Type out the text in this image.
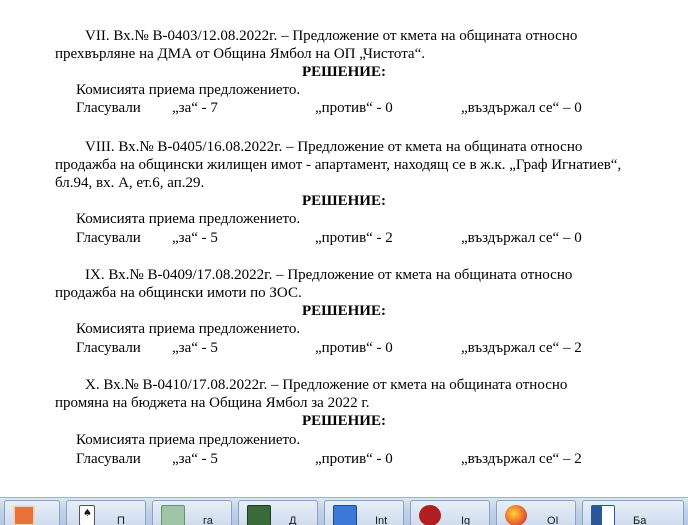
VII. Вх.№ В-0403/12.08.2022г. – Предложение от кмета на общината относно

прехвърляне на ДМА от Община Ямбол на ОП „Чистота“.

РЕШЕНИЕ:

Комисията приема предложението.

Гласували „за“ - 7	„против“ - 0	„въздържал се“ – 0

VIII. Вх.№ В-0405/16.08.2022г. – Предложение от кмета на общината относно

продажба на общински жилищен имот - апартамент, находящ се в ж.к. „Граф Игнатиев“,

бл.94, вх. А, ет.6, ап.29.

РЕШЕНИЕ:

Комисията приема предложението.

Гласували „за“ - 5	„против“ - 2	„въздържал се“ – 0

IX. Вх.№ В-0409/17.08.2022г. – Предложение от кмета на общината относно

продажба на общински имоти по ЗОС.

РЕШЕНИЕ:

Комисията приема предложението.

Гласували „за“ - 5	„против“ - 0	„въздържал се“ – 2

X. Вх.№ В-0410/17.08.2022г. – Предложение от кмета на общината относно

промяна на бюджета на Община Ямбол за 2022 г.

РЕШЕНИЕ:

Комисията приема предложението.

Гласували „за“ - 5	„против“ - 0	„въздържал се“ – 2
♠
П	га	Д	Int	Ig	OI	Ба
